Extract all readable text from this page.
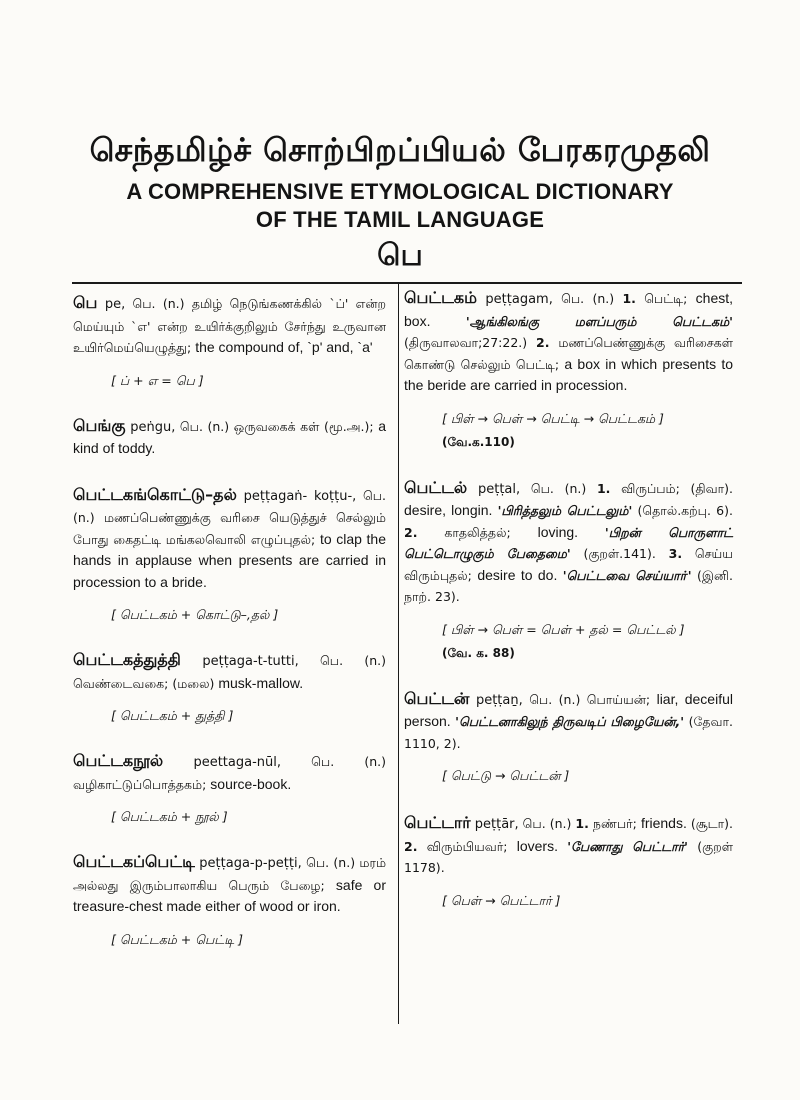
செந்தமிழ்ச் சொற்பிறப்பியல் பேரகரமுதலி

A COMPREHENSIVE ETYMOLOGICAL DICTIONARY

OF THE TAMIL LANGUAGE

பெ

பெ pe, பெ. (n.) தமிழ் நெடுங்கணக்கில் `ப்' என்ற மெய்யும் `எ' என்ற உயிர்க்குறிலும் சேர்ந்து உருவான உயிர்மெய்யெழுத்து; the compound of, `p' and, `a'

[ ப் + எ = பெ ]

பெங்கு peṅgu, பெ. (n.) ஒருவகைக் கள் (மூ.அ.); a kind of toddy.

பெட்டகங்கொட்டு–தல் peṭṭagaṅ- koṭṭu-, பெ. (n.) மணப்பெண்ணுக்கு வரிசை யெடுத்துச் செல்லும் போது கைதட்டி மங்கலவொலி எழுப்புதல்; to clap the hands in applause when presents are carried in procession to a bride.

[ பெட்டகம் + கொட்டு–,தல் ]

பெட்டகத்துத்தி peṭṭaga-t-tutti, பெ. (n.) வெண்டைவகை; (மலை) musk-mallow.

[ பெட்டகம் + துத்தி ]

பெட்டகநூல் peettaga-nūl, பெ. (n.) வழிகாட்டுப்பொத்தகம்; source-book.

[ பெட்டகம் + நூல் ]

பெட்டகப்பெட்டி peṭṭaga-p-peṭṭi, பெ. (n.) மரம் அல்லது இரும்பாலாகிய பெரும் பேழை; safe or treasure-chest made either of wood or iron.

[ பெட்டகம் + பெட்டி ]

பெட்டகம் peṭṭagam, பெ. (n.) 1. பெட்டி; chest, box. 'ஆங்கிலங்கு மளப்பரும் பெட்டகம்' (திருவாலவா;27:22.) 2. மணப்பெண்ணுக்கு வரிசைகள் கொண்டு செல்லும் பெட்டி; a box in which presents to the beride are carried in procession.

[ பிள் → பெள் → பெட்டி → பெட்டகம் ]

(வே.க.110)

பெட்டல் peṭṭal, பெ. (n.) 1. விருப்பம்; (திவா). desire, longin. 'பிரித்தலும் பெட்டலும்' (தொல்.கற்பு. 6). 2. காதலித்தல்; loving. 'பிறன் பொருளாட் பெட்டொழுகும் பேதைமை' (குறள்.141). 3. செய்ய விரும்புதல்; desire to do. 'பெட்டவை செய்யாா்' (இனி. நாற். 23).

[ பிள் → பெள் = பெள் + தல் = பெட்டல் ]

(வே. க. 88)

பெட்டன் peṭṭaṉ, பெ. (n.) பொய்யன்; liar, deceiful person. 'பெட்டனாகிலுந் திருவடிப் பிழையேன்,' (தேவா. 1110, 2).

[ பெட்டு → பெட்டன் ]

பெட்டார் peṭṭār, பெ. (n.) 1. நண்பர்; friends. (சூடா). 2. விரும்பியவர்; lovers. 'பேணாது பெட்டார்' (குறள் 1178).

[ பெள் → பெட்டார் ]
